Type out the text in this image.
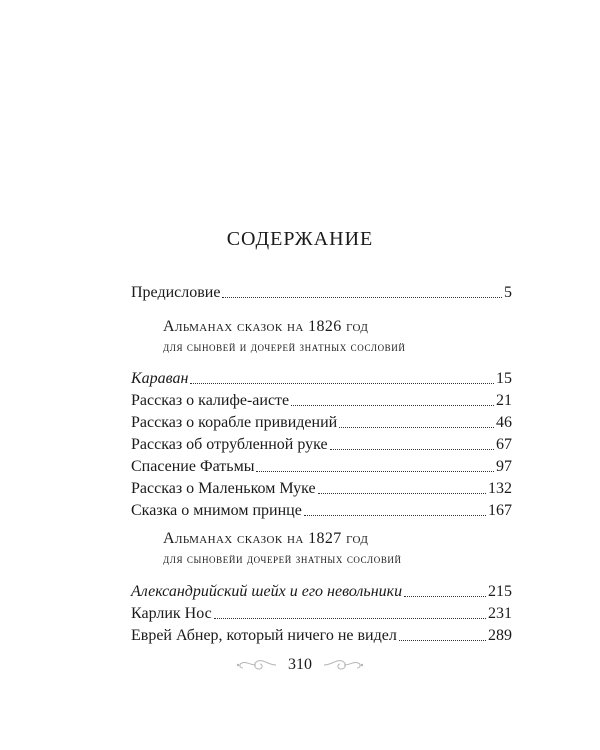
СОДЕРЖАНИЕ
Предисловие	5
Альманах сказок на 1826 год
для сыновей и дочерей знатных сословий
Караван	15
Рассказ о калифе-аисте	21
Рассказ о корабле привидений	46
Рассказ об отрубленной руке	67
Спасение Фатьмы	97
Рассказ о Маленьком Муке	132
Сказка о мнимом принце	167
Альманах сказок на 1827 год
для сыновейи дочерей знатных сословий
Александрийский шейх и его невольники	215
Карлик Нос	231
Еврей Абнер, который ничего не видел	289
310
